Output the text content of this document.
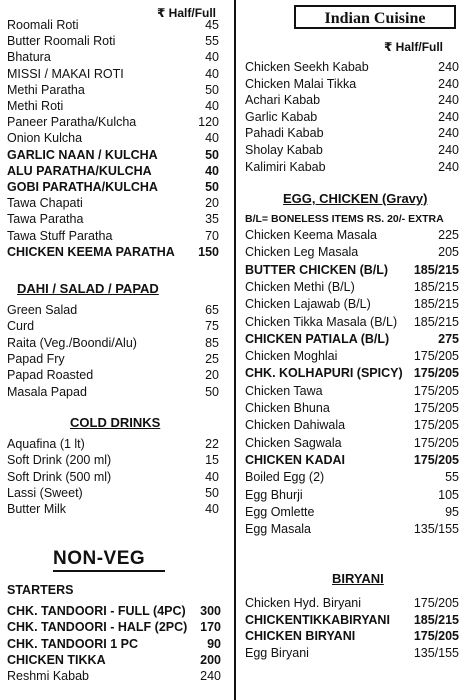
₹ Half/Full
Roomali Roti	45
Butter Roomali Roti	55
Bhatura	40
MISSI / MAKAI ROTI	40
Methi Paratha	50
Methi Roti	40
Paneer Paratha/Kulcha	120
Onion Kulcha	40
GARLIC NAAN / KULCHA	50
ALU PARATHA/KULCHA	40
GOBI PARATHA/KULCHA	50
Tawa Chapati	20
Tawa Paratha	35
Tawa Stuff Paratha	70
CHICKEN KEEMA PARATHA 150
DAHI / SALAD / PAPAD
Green Salad	65
Curd	75
Raita (Veg./Boondi/Alu)	85
Papad Fry	25
Papad Roasted	20
Masala Papad	50
COLD DRINKS
Aquafina (1 lt)	22
Soft Drink (200 ml)	15
Soft Drink (500 ml)	40
Lassi (Sweet)	50
Butter Milk	40
NON-VEG
STARTERS
CHK. TANDOORI - FULL (4PC) 300
CHK. TANDOORI - HALF (2PC) 170
CHK. TANDOORI 1 PC	90
CHICKEN TIKKA	200
Reshmi Kabab	240
Indian Cuisine
₹ Half/Full
Chicken Seekh Kabab	240
Chicken Malai Tikka	240
Achari Kabab	240
Garlic Kabab	240
Pahadi Kabab	240
Sholay Kabab	240
Kalimiri Kabab	240
EGG, CHICKEN (Gravy)
B/L= BONELESS ITEMS RS. 20/- EXTRA
Chicken Keema Masala	225
Chicken Leg Masala	205
BUTTER CHICKEN (B/L) 185/215
Chicken Methi (B/L)	185/215
Chicken Lajawab (B/L)	185/215
Chicken Tikka Masala (B/L) 185/215
CHICKEN PATIALA (B/L)	275
Chicken Moghlai	175/205
CHK. KOLHAPURI (SPICY) 175/205
Chicken Tawa	175/205
Chicken Bhuna	175/205
Chicken Dahiwala	175/205
Chicken Sagwala	175/205
CHICKEN KADAI	175/205
Boiled Egg (2)	55
Egg Bhurji	105
Egg Omlette	95
Egg Masala	135/155
BIRYANI
Chicken Hyd. Biryani	175/205
CHICKENTIKKABIRYANI 185/215
CHICKEN BIRYANI	175/205
Egg Biryani	135/155
